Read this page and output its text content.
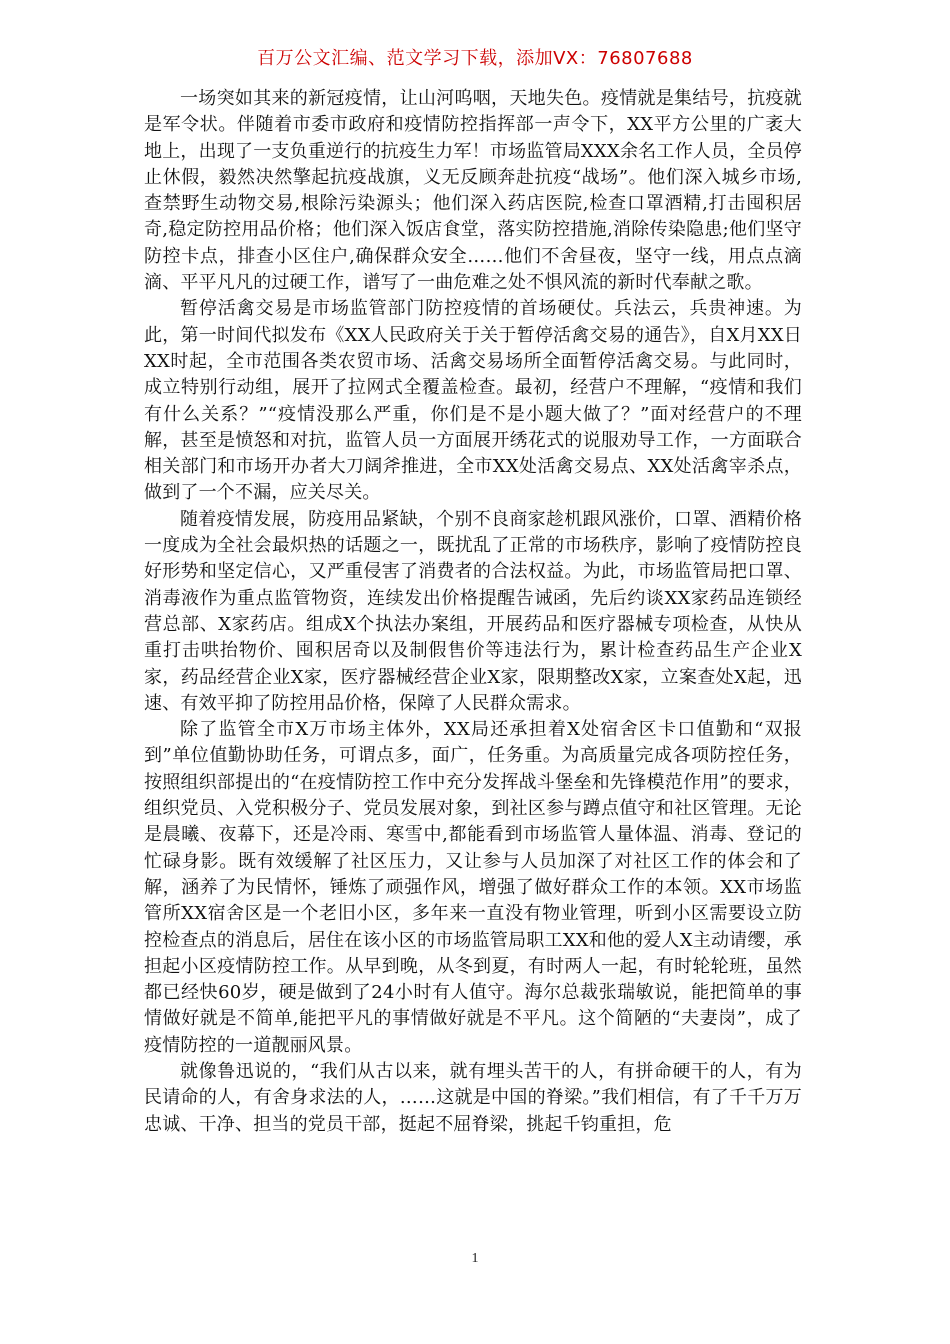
百万公文汇编、范文学习下载，添加VX：76807688

一场突如其来的新冠疫情，让山河呜咽，天地失色。疫情就是集结号，抗疫就是军令状。伴随着市委市政府和疫情防控指挥部一声令下，XX平方公里的广袤大地上，出现了一支负重逆行的抗疫生力军！市场监管局XXX余名工作人员，全员停止休假，毅然决然擎起抗疫战旗，义无反顾奔赴抗疫“战场”。他们深入城乡市场,查禁野生动物交易,根除污染源头；他们深入药店医院,检查口罩酒精,打击囤积居奇,稳定防控用品价格；他们深入饭店食堂，落实防控措施,消除传染隐患;他们坚守防控卡点，排查小区住户,确保群众安全……他们不舍昼夜，坚守一线，用点点滴滴、平平凡凡的过硬工作，谱写了一曲危难之处不惧风流的新时代奉献之歌。

暂停活禽交易是市场监管部门防控疫情的首场硬仗。兵法云，兵贵神速。为此，第一时间代拟发布《XX人民政府关于关于暂停活禽交易的通告》，自X月XX日XX时起，全市范围各类农贸市场、活禽交易场所全面暂停活禽交易。与此同时，成立特别行动组，展开了拉网式全覆盖检查。最初，经营户不理解，“疫情和我们有什么关系？”“疫情没那么严重，你们是不是小题大做了？”面对经营户的不理解，甚至是愤怒和对抗，监管人员一方面展开绣花式的说服劝导工作，一方面联合相关部门和市场开办者大刀阔斧推进，全市XX处活禽交易点、XX处活禽宰杀点，做到了一个不漏，应关尽关。

随着疫情发展，防疫用品紧缺，个别不良商家趁机跟风涨价，口罩、酒精价格一度成为全社会最炽热的话题之一，既扰乱了正常的市场秩序，影响了疫情防控良好形势和坚定信心，又严重侵害了消费者的合法权益。为此，市场监管局把口罩、消毒液作为重点监管物资，连续发出价格提醒告诫函，先后约谈XX家药品连锁经营总部、X家药店。组成X个执法办案组，开展药品和医疗器械专项检查，从快从重打击哄抬物价、囤积居奇以及制假售价等违法行为，累计检查药品生产企业X家，药品经营企业X家，医疗器械经营企业X家，限期整改X家，立案查处X起，迅速、有效平抑了防控用品价格，保障了人民群众需求。

除了监管全市X万市场主体外，XX局还承担着X处宿舍区卡口值勤和“双报到”单位值勤协助任务，可谓点多，面广，任务重。为高质量完成各项防控任务，按照组织部提出的“在疫情防控工作中充分发挥战斗堡垒和先锋模范作用”的要求，组织党员、入党积极分子、党员发展对象，到社区参与蹲点值守和社区管理。无论是晨曦、夜幕下，还是冷雨、寒雪中,都能看到市场监管人量体温、消毒、登记的忙碌身影。既有效缓解了社区压力，又让参与人员加深了对社区工作的体会和了解，涵养了为民情怀，锤炼了顽强作风，增强了做好群众工作的本领。XX市场监管所XX宿舍区是一个老旧小区，多年来一直没有物业管理，听到小区需要设立防控检查点的消息后，居住在该小区的市场监管局职工XX和他的爱人X主动请缨，承担起小区疫情防控工作。从早到晚，从冬到夏，有时两人一起，有时轮轮班，虽然都已经快60岁，硬是做到了24小时有人值守。海尔总裁张瑞敏说，能把简单的事情做好就是不简单,能把平凡的事情做好就是不平凡。这个简陋的“夫妻岗”，成了疫情防控的一道靓丽风景。

就像鲁迅说的，“我们从古以来，就有埋头苦干的人，有拼命硬干的人，有为民请命的人，有舍身求法的人，……这就是中国的脊梁。”我们相信，有了千千万万忠诚、干净、担当的党员干部，挺起不屈脊梁，挑起千钧重担，危

1
